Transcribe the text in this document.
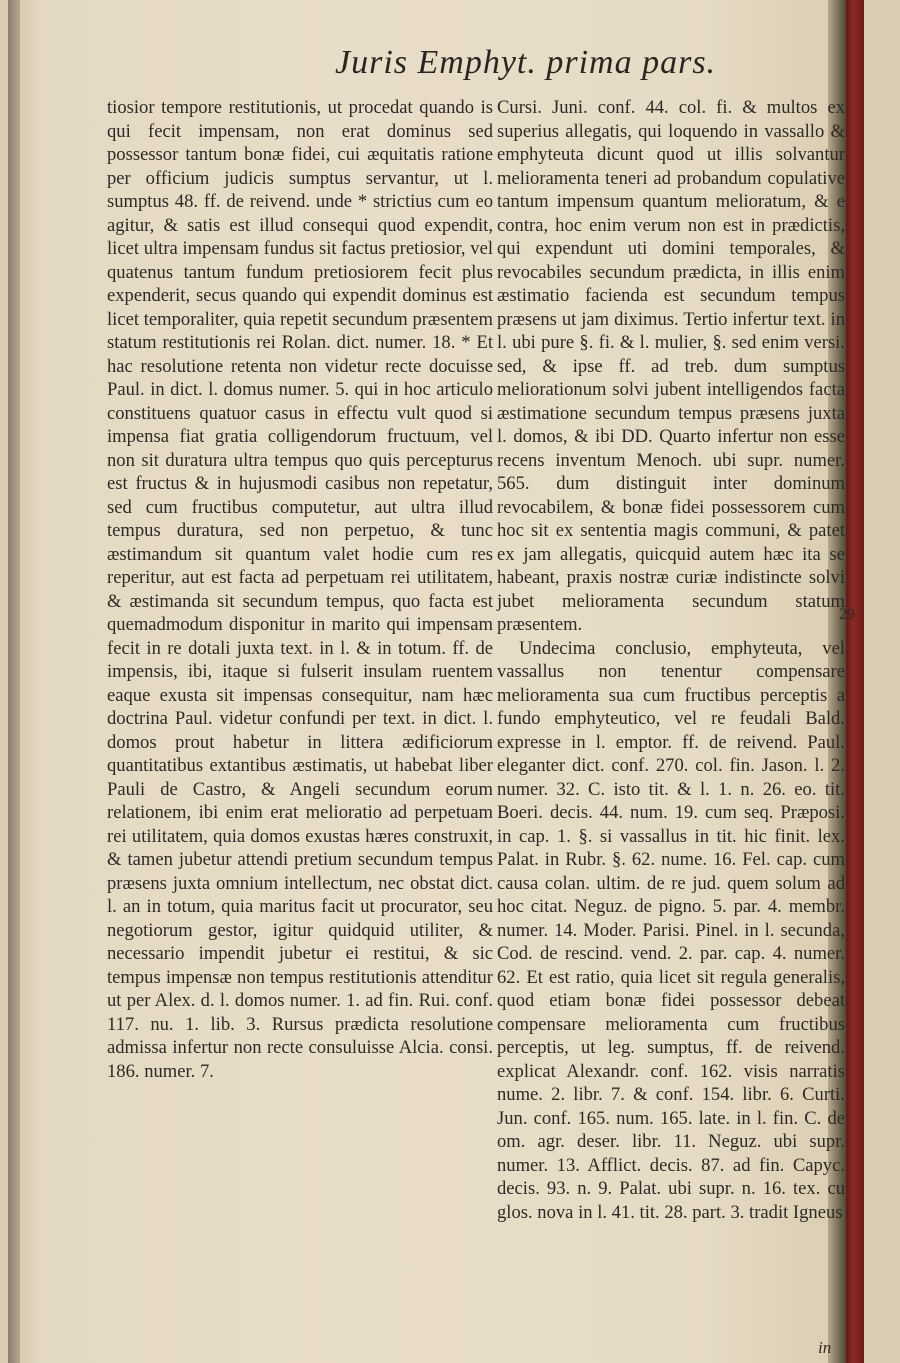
Juris Emphyt. prima pars.

tiosior tempore restitutionis, ut procedat quando is qui fecit impensam, non erat dominus sed possessor tantum bonæ fidei, cui æquitatis ratione per officium judicis sumptus servantur, ut l. sumptus 48. ff. de reivend. unde * strictius cum eo agitur, & satis est illud consequi quod expendit, licet ultra impensam fundus sit factus pretiosior, vel quatenus tantum fundum pretiosiorem fecit plus expenderit, secus quando qui expendit dominus est licet temporaliter, quia repetit secundum præsentem statum restitutionis rei Rolan. dict. numer. 18. * Et hac resolutione retenta non videtur recte docuisse Paul. in dict. l. domus numer. 5. qui in hoc articulo constituens quatuor casus in effectu vult quod si impensa fiat gratia colligendorum fructuum, vel non sit duratura ultra tempus quo quis percepturus est fructus & in hujusmodi casibus non repetatur, sed cum fructibus computetur, aut ultra illud tempus duratura, sed non perpetuo, & tunc æstimandum sit quantum valet hodie cum res reperitur, aut est facta ad perpetuam rei utilitatem, & æstimanda sit secundum tempus, quo facta est quemadmodum disponitur in marito qui impensam fecit in re dotali juxta text. in l. & in totum. ff. de impensis, ibi, itaque si fulserit insulam ruentem eaque exusta sit impensas consequitur, nam hæc doctrina Paul. videtur confundi per text. in dict. l. domos prout habetur in littera ædificiorum quantitatibus extantibus æstimatis, ut habebat liber Pauli de Castro, & Angeli secundum eorum relationem, ibi enim erat melioratio ad perpetuam rei utilitatem, quia domos exustas hæres construxit, & tamen jubetur attendi pretium secundum tempus præsens juxta omnium intellectum, nec obstat dict. l. an in totum, quia maritus facit ut procurator, seu negotiorum gestor, igitur quidquid utiliter, & necessario impendit jubetur ei restitui, & sic tempus impensæ non tempus restitutionis attenditur ut per Alex. d. l. domos numer. 1. ad fin. Rui. conf. 117. nu. 1. lib. 3. Rursus prædicta resolutione admissa infertur non recte consuluisse Alcia. consi. 186. numer. 7.

Cursi. Juni. conf. 44. col. fi. & multos ex superius allegatis, qui loquendo in vassallo & emphyteuta dicunt quod ut illis solvantur melioramenta teneri ad probandum copulative tantum impensum quantum melioratum, & e contra, hoc enim verum non est in prædictis, qui expendunt uti domini temporales, & revocabiles secundum prædicta, in illis enim æstimatio facienda est secundum tempus præsens ut jam diximus. Tertio infertur text. in l. ubi pure §. fi. & l. mulier, §. sed enim versi. sed, & ipse ff. ad treb. dum sumptus meliorationum solvi jubent intelligendos facta æstimatione secundum tempus præsens juxta l. domos, & ibi DD. Quarto infertur non esse recens inventum Menoch. ubi supr. numer. 565. dum distinguit inter dominum revocabilem, & bonæ fidei possessorem cum hoc sit ex sententia magis communi, & patet ex jam allegatis, quicquid autem hæc ita se habeant, praxis nostræ curiæ indistincte solvi jubet melioramenta secundum statum præsentem.

Undecima conclusio, emphyteuta, vel vassallus non tenentur compensare melioramenta sua cum fructibus perceptis a fundo emphyteutico, vel re feudali Bald. expresse in l. emptor. ff. de reivend. Paul. eleganter dict. conf. 270. col. fin. Jason. l. 2. numer. 32. C. isto tit. & l. 1. n. 26. eo. tit. Boeri. decis. 44. num. 19. cum seq. Præposi. in cap. 1. §. si vassallus in tit. hic finit. lex. Palat. in Rubr. §. 62. nume. 16. Fel. cap. cum causa colan. ultim. de re jud. quem solum ad hoc citat. Neguz. de pigno. 5. par. 4. membr. numer. 14. Moder. Parisi. Pinel. in l. secunda, Cod. de rescind. vend. 2. par. cap. 4. numer. 62. Et est ratio, quia licet sit regula generalis, quod etiam bonæ fidei possessor debeat compensare melioramenta cum fructibus perceptis, ut leg. sumptus, ff. de reivend. explicat Alexandr. conf. 162. visis narratis nume. 2. libr. 7. & conf. 154. libr. 6. Curti. Jun. conf. 165. num. 165. late. in l. fin. C. de om. agr. deser. libr. 11. Neguz. ubi supr. numer. 13. Afflict. decis. 87. ad fin. Capyc. decis. 93. n. 9. Palat. ubi supr. n. 16. tex. cu glos. nova in l. 41. tit. 28. part. 3. tradit Igneus

29
in
